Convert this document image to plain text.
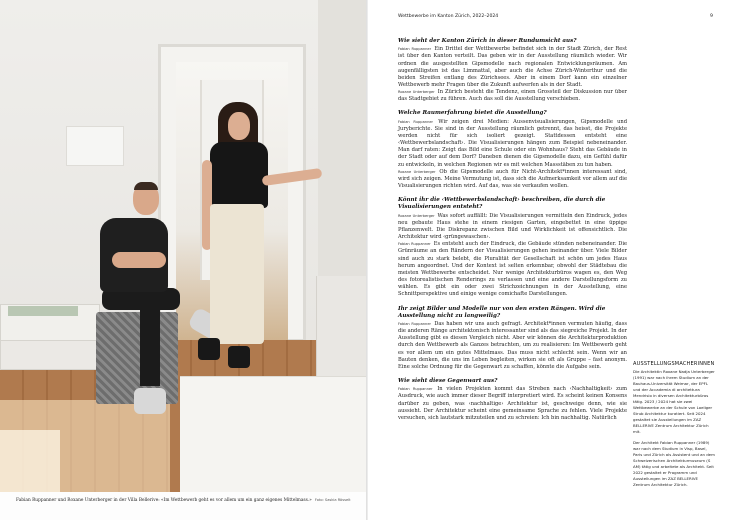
Fabian Ruppanner und Roxane Unterberger in der Villa Bellerive: «Im Wettbewerb geht es vor allem um ein ganz eigenes Mittelmass.» Foto: Saskia Rösselt
Wettbewerbe im Kanton Zürich, 2022–2024	9

Wie sieht der Kanton Zürich in dieser Rundumsicht aus?

Fabian Ruppanner Ein Drittel der Wettbewerbe befindet sich in der Stadt Zürich, der Rest ist über den Kanton verteilt. Das geben wir in der Ausstellung räumlich wieder. Wir ordnen die ausgestellten Gipsmodelle nach regionalen Entwicklungsräumen. Am augenfälligsten ist das Limmattal, aber auch die Achse Zürich-Winterthur und die beiden Streifen entlang des Zürichsees. Aber in einem Dorf kann ein einzelner Wettbewerb mehr Fragen über die Zukunft aufwerfen als in der Stadt.

Roxane Unterberger In Zürich besteht die Tendenz, einen Grossteil der Diskussion nur über das Stadtgebiet zu führen. Auch das soll die Ausstellung verschieben.

Welche Raumerfahrung bietet die Ausstellung?

Fabian Ruppanner Wir zeigen drei Medien: Aussenvisualisierungen, Gipsmodelle und Juryberichte. Sie sind in der Ausstellung räumlich getrennt, das heisst, die Projekte werden nicht für sich isoliert gezeigt. Stattdessen entsteht eine ‹Wettbewerbslandschaft›. Die Visualisierungen hängen zum Beispiel nebeneinander. Man darf raten: Zeigt das Bild eine Schule oder ein Wohnhaus? Steht das Gebäude in der Stadt oder auf dem Dorf? Daneben dienen die Gipsmodelle dazu, ein Gefühl dafür zu entwickeln, in welchen Regionen wir es mit welchen Massstäben zu tun haben.

Roxane Unterberger Ob die Gipsmodelle auch für Nicht-Architekt*innen interessant sind, wird sich zeigen. Meine Vermutung ist, dass sich die Aufmerksamkeit vor allem auf die Visualisierungen richten wird. Auf das, was sie verkaufen wollen.

Könnt ihr die ‹Wettbewerbslandschaft› beschreiben, die durch die Visualisierungen entsteht?

Roxane Unterberger Was sofort auffällt: Die Visualisierungen vermitteln den Eindruck, jedes neu gebaute Haus stehe in einem riesigen Garten, eingebettet in eine üppige Pflanzenwelt. Die Diskrepanz zwischen Bild und Wirklichkeit ist offensichtlich. Die Architektur wird ‹grüngewaschen›.

Fabian Ruppanner Es entsteht auch der Eindruck, die Gebäude stünden nebeneinander. Die Grünräume an den Rändern der Visualisierungen gehen ineinander über. Viele Bilder sind auch zu stark belebt, die Pluralität der Gesellschaft ist schön um jedes Haus herum angeordnet. Und der Kontext ist selten erkennbar, obwohl der Städtebau die meisten Wettbewerbe entscheidet. Nur wenige Architekturbüros wagen es, den Weg des fotorealistischen Renderings zu verlassen und eine andere Darstellungsform zu wählen. Es gibt ein oder zwei Strichzeichnungen in der Ausstellung, eine Schnittperspektive und einige wenige comichafte Darstellungen.

Ihr zeigt Bilder und Modelle nur von den ersten Rängen. Wird die Ausstellung nicht zu langweilig?

Fabian Ruppanner Das haben wir uns auch gefragt. Architekt*innen vermuten häufig, dass die anderen Ränge architektonisch interessanter sind als das siegreiche Projekt. In der Ausstellung gibt es diesen Vergleich nicht. Aber wir können die Architekturproduktion durch den Wettbewerb als Ganzes betrachten, um zu realisieren: Im Wettbewerb geht es vor allem um ein gutes Mittelmass. Das muss nicht schlecht sein. Wenn wir an Bauten denken, die uns im Leben begleiten, wirken sie oft als Gruppe – fast anonym. Eine solche Ordnung für die Gegenwart zu schaffen, könnte die Aufgabe sein.

Wie sieht diese Gegenwart aus?

Fabian Ruppanner In vielen Projekten kommt das Streben nach ‹Nachhaltigkeit› zum Ausdruck, wie auch immer dieser Begriff interpretiert wird. Es scheint keinen Konsens darüber zu geben, was ‹nachhaltige› Architektur ist, geschweige denn, wie sie aussieht. Der Architektur scheint eine gemeinsame Sprache zu fehlen. Viele Projekte versuchen, sich lautstark mitzuteilen und zu schreien: Ich bin nachhaltig. Natürlich

AUSSTELLUNGSMACHERINNEN

Die Architektin Roxane Nadja Unterberger (1991) war nach ihrem Studium an der Bauhaus-Universität Weimar, der EPFL und der Accademia di architettura Mendrisio in diversen Architekturbüros tätig. 2023 / 2024 hat sie zwei Wettbewerbe an der Schule von Loeliger Strub Architektur kuratiert. Seit 2024 gestaltet sie Ausstellungen im ZAZ BELLERIVE Zentrum Architektur Zürich mit.

Der Architekt Fabian Ruppanner (1989) war nach dem Studium in Visp, Basel, Paris und Zürich als Assistent und an dem Schweizerischen Architekturmuseum (S AM) tätig und arbeitete als Architekt. Seit 2022 gestaltet er Programm und Ausstellungen im ZAZ BELLERIVE Zentrum Architektur Zürich.
